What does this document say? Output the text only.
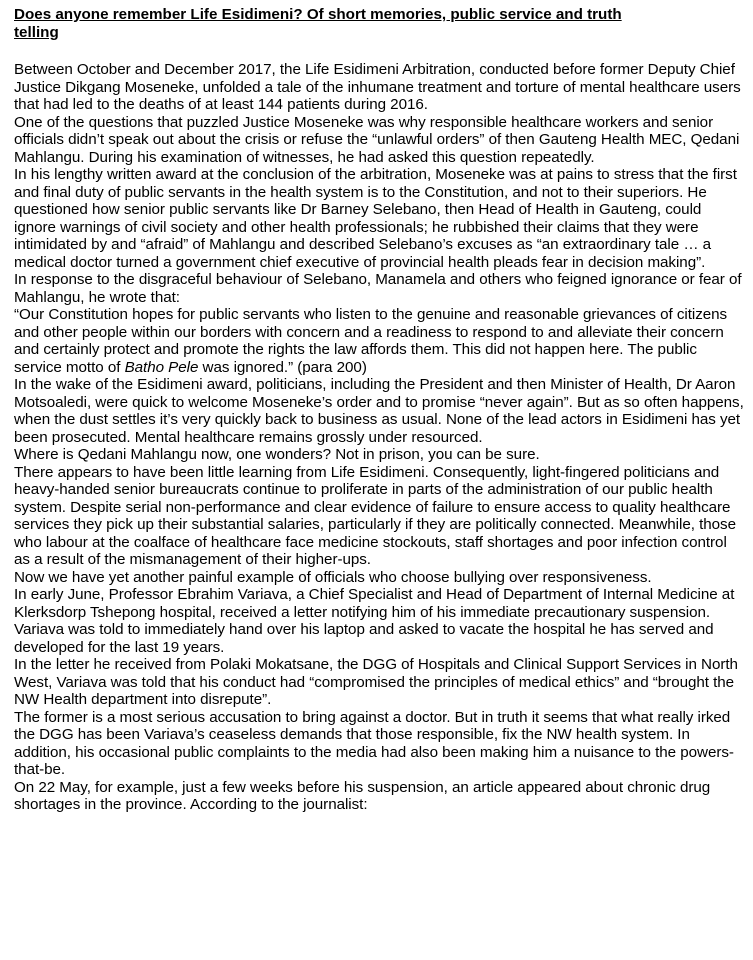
Does anyone remember Life Esidimeni? Of short memories, public service and truth telling

Between October and December 2017, the Life Esidimeni Arbitration, conducted before former Deputy Chief Justice Dikgang Moseneke, unfolded a tale of the inhumane treatment and torture of mental healthcare users that had led to the deaths of at least 144 patients during 2016.

One of the questions that puzzled Justice Moseneke was why responsible healthcare workers and senior officials didn’t speak out about the crisis or refuse the “unlawful orders” of then Gauteng Health MEC, Qedani Mahlangu. During his examination of witnesses, he had asked this question repeatedly.

In his lengthy written award at the conclusion of the arbitration, Moseneke was at pains to stress that the first and final duty of public servants in the health system is to the Constitution, and not to their superiors. He questioned how senior public servants like Dr Barney Selebano, then Head of Health in Gauteng, could ignore warnings of civil society and other health professionals; he rubbished their claims that they were intimidated by and “afraid” of Mahlangu and described Selebano’s excuses as “an extraordinary tale … a medical doctor turned a government chief executive of provincial health pleads fear in decision making”.

In response to the disgraceful behaviour of Selebano, Manamela and others who feigned ignorance or fear of Mahlangu, he wrote that:

“Our Constitution hopes for public servants who listen to the genuine and reasonable grievances of citizens and other people within our borders with concern and a readiness to respond to and alleviate their concern and certainly protect and promote the rights the law affords them. This did not happen here. The public service motto of Batho Pele was ignored.” (para 200)

In the wake of the Esidimeni award, politicians, including the President and then Minister of Health, Dr Aaron Motsoaledi, were quick to welcome Moseneke’s order and to promise “never again”. But as so often happens, when the dust settles it’s very quickly back to business as usual. None of the lead actors in Esidimeni has yet been prosecuted. Mental healthcare remains grossly under resourced.

Where is Qedani Mahlangu now, one wonders? Not in prison, you can be sure.

There appears to have been little learning from Life Esidimeni. Consequently, light-fingered politicians and heavy-handed senior bureaucrats continue to proliferate in parts of the administration of our public health system. Despite serial non-performance and clear evidence of failure to ensure access to quality healthcare services they pick up their substantial salaries, particularly if they are politically connected. Meanwhile, those who labour at the coalface of healthcare face medicine stockouts, staff shortages and poor infection control as a result of the mismanagement of their higher-ups.

Now we have yet another painful example of officials who choose bullying over responsiveness.

In early June, Professor Ebrahim Variava, a Chief Specialist and Head of Department of Internal Medicine at Klerksdorp Tshepong hospital, received a letter notifying him of his immediate precautionary suspension. Variava was told to immediately hand over his laptop and asked to vacate the hospital he has served and developed for the last 19 years.

In the letter he received from Polaki Mokatsane, the DGG of Hospitals and Clinical Support Services in North West, Variava was told that his conduct had “compromised the principles of medical ethics” and “brought the NW Health department into disrepute”.

The former is a most serious accusation to bring against a doctor. But in truth it seems that what really irked the DGG has been Variava’s ceaseless demands that those responsible, fix the NW health system. In addition, his occasional public complaints to the media had also been making him a nuisance to the powers-that-be.

On 22 May, for example, just a few weeks before his suspension, an article appeared about chronic drug shortages in the province. According to the journalist:
